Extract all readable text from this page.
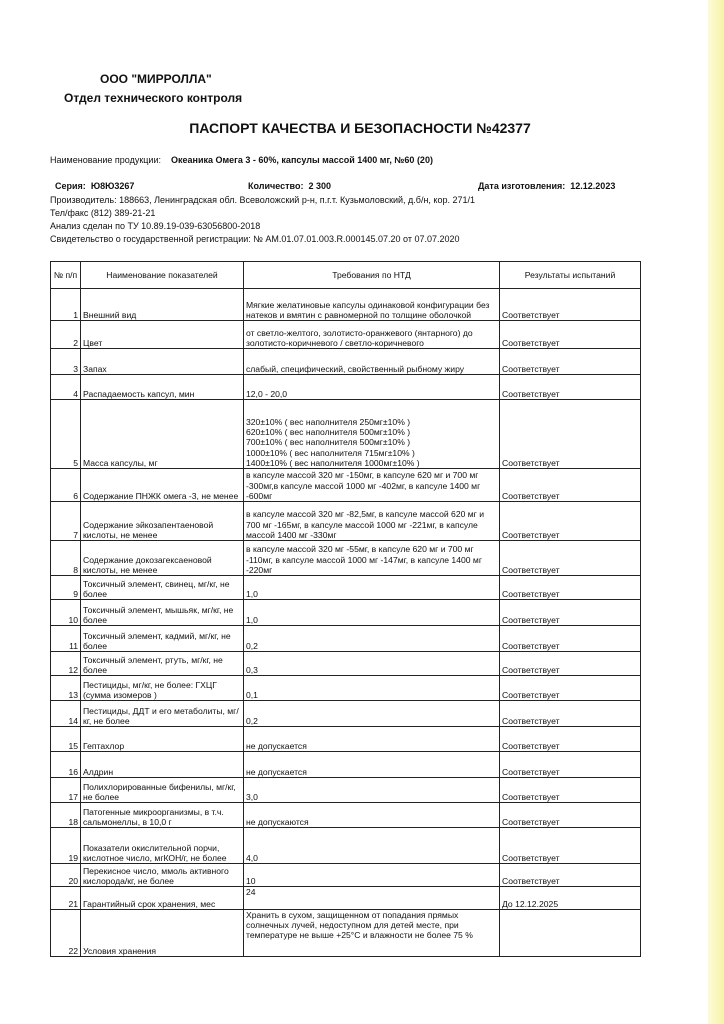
ООО "МИРРОЛЛА"
Отдел технического контроля
ПАСПОРТ КАЧЕСТВА И БЕЗОПАСНОСТИ №42377
Наименование продукции: Океаника Омега 3 - 60%, капсулы массой 1400 мг, №60 (20)
Серия: Ю8Ю3267	Количество: 2 300	Дата изготовления: 12.12.2023
Производитель: 188663, Ленинградская обл. Всеволожский р-н, п.г.т. Кузьмоловский, д.б/н, кор. 271/1
Тел/факс (812) 389-21-21
Анализ сделан по ТУ 10.89.19-039-63056800-2018
Свидетельство о государственной регистрации: № AM.01.07.01.003.R.000145.07.20 от 07.07.2020
№ п/п	Наименование показателей	Требования по НТД	Результаты испытаний
1	Внешний вид	Мягкие желатиновые капсулы одинаковой конфигурации без натеков и вмятин с равномерной по толщине оболочкой	Соответствует
2	Цвет	от светло-желтого, золотисто-оранжевого (янтарного) до золотисто-коричневого / светло-коричневого	Соответствует
3	Запах	слабый, специфический, свойственный рыбному жиру	Соответствует
4	Распадаемость капсул, мин	12,0 - 20,0	Соответствует
5	Масса капсулы, мг	320±10% ( вес наполнителя 250мг±10% )
620±10% ( вес наполнителя 500мг±10% )
700±10% ( вес наполнителя 500мг±10% )
1000±10% ( вес наполнителя 715мг±10% )
1400±10% ( вес наполнителя 1000мг±10% )	Соответствует
6	Содержание ПНЖК омега -3, не менее	в капсуле массой 320 мг -150мг, в капсуле 620 мг и 700 мг -300мг,в капсуле массой 1000 мг -402мг, в капсуле 1400 мг -600мг	Соответствует
7	Содержание эйкозапентаеновой кислоты, не менее	в капсуле массой 320 мг -82,5мг, в капсуле массой 620 мг и 700 мг -165мг, в капсуле массой 1000 мг -221мг, в капсуле массой 1400 мг -330мг	Соответствует
8	Содержание докозагексаеновой кислоты, не менее	в капсуле массой 320 мг -55мг, в капсуле 620 мг и 700 мг -110мг, в капсуле массой 1000 мг -147мг, в капсуле 1400 мг -220мг	Соответствует
9	Токсичный элемент, свинец, мг/кг, не более	1,0	Соответствует
10	Токсичный элемент, мышьяк, мг/кг, не более	1,0	Соответствует
11	Токсичный элемент, кадмий, мг/кг, не более	0,2	Соответствует
12	Токсичный элемент, ртуть, мг/кг, не более	0,3	Соответствует
13	Пестициды, мг/кг, не более: ГХЦГ (сумма изомеров )	0,1	Соответствует
14	Пестициды, ДДТ и его метаболиты, мг/кг, не более	0,2	Соответствует
15	Гептахлор	не допускается	Соответствует
16	Алдрин	не допускается	Соответствует
17	Полихлорированные бифенилы, мг/кг, не более	3,0	Соответствует
18	Патогенные микроорганизмы, в т.ч. сальмонеллы, в 10,0 г	не допускаются	Соответствует
19	Показатели окислительной порчи, кислотное число, мгКОН/г, не более	4,0	Соответствует
20	Перекисное число, ммоль активного кислорода/кг, не более	10	Соответствует
21	Гарантийный срок хранения, мес	24	До 12.12.2025
22	Условия хранения	Хранить в сухом, защищенном от попадания прямых солнечных лучей, недоступном для детей месте, при температуре не выше +25°С и влажности не более 75 %	
